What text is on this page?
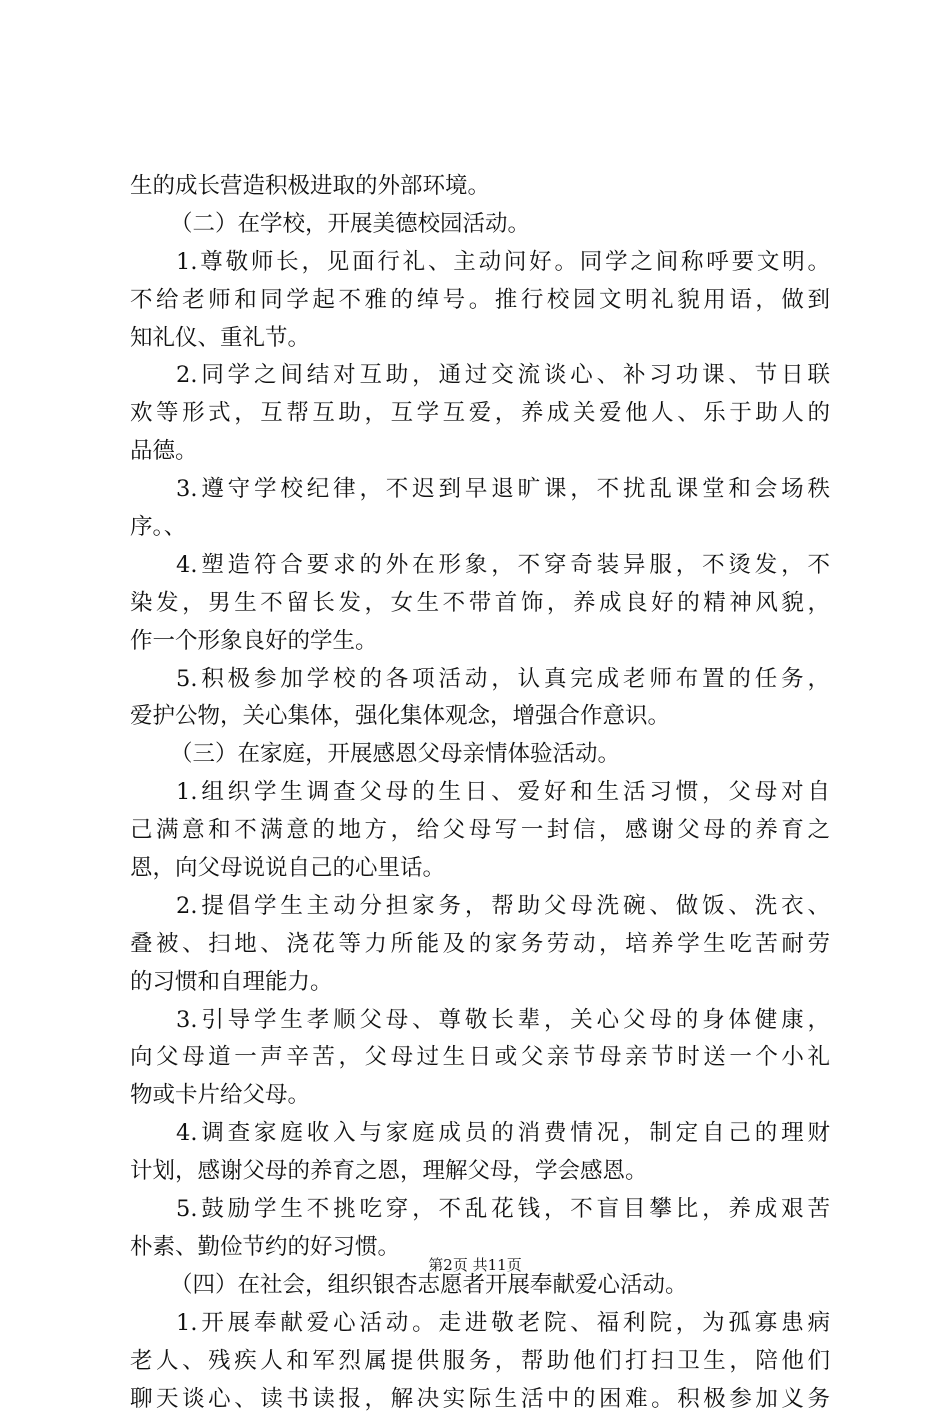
生的成长营造积极进取的外部环境。
（二）在学校，开展美德校园活动。
1.尊敬师长，见面行礼、主动问好。同学之间称呼要文明。
不给老师和同学起不雅的绰号。推行校园文明礼貌用语，做到
知礼仪、重礼节。
2.同学之间结对互助，通过交流谈心、补习功课、节日联
欢等形式，互帮互助，互学互爱，养成关爱他人、乐于助人的
品德。
3.遵守学校纪律，不迟到早退旷课，不扰乱课堂和会场秩
序。、
4.塑造符合要求的外在形象，不穿奇装异服，不烫发，不
染发，男生不留长发，女生不带首饰，养成良好的精神风貌，
作一个形象良好的学生。
5.积极参加学校的各项活动，认真完成老师布置的任务，
爱护公物，关心集体，强化集体观念，增强合作意识。
（三）在家庭，开展感恩父母亲情体验活动。
1.组织学生调查父母的生日、爱好和生活习惯，父母对自
己满意和不满意的地方，给父母写一封信，感谢父母的养育之
恩，向父母说说自己的心里话。
2.提倡学生主动分担家务，帮助父母洗碗、做饭、洗衣、
叠被、扫地、浇花等力所能及的家务劳动，培养学生吃苦耐劳
的习惯和自理能力。
3.引导学生孝顺父母、尊敬长辈，关心父母的身体健康，
向父母道一声辛苦，父母过生日或父亲节母亲节时送一个小礼
物或卡片给父母。
4.调查家庭收入与家庭成员的消费情况，制定自己的理财
计划，感谢父母的养育之恩，理解父母，学会感恩。
5.鼓励学生不挑吃穿，不乱花钱，不盲目攀比，养成艰苦
朴素、勤俭节约的好习惯。
（四）在社会，组织银杏志愿者开展奉献爱心活动。
1.开展奉献爱心活动。走进敬老院、福利院，为孤寡患病
老人、残疾人和军烈属提供服务，帮助他们打扫卫生，陪他们
聊天谈心、读书读报，解决实际生活中的困难。积极参加义务
第2页 共11页
